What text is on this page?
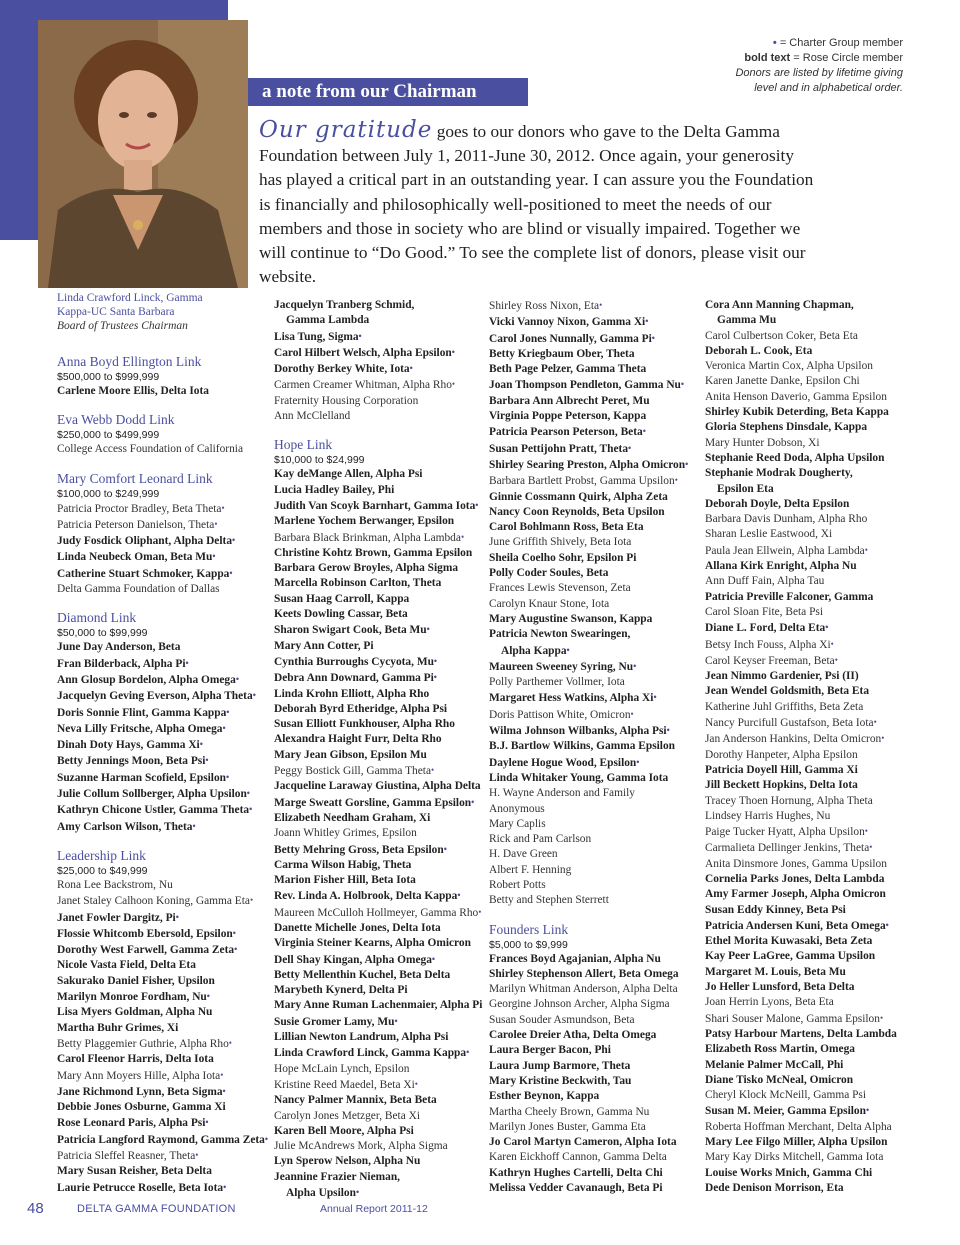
Linda Crawford Linck, Gamma
Kappa-UC Santa Barbara
Board of Trustees Chairman
a note from our Chairman
• = Charter Group member
bold text = Rose Circle member
Donors are listed by lifetime giving
level and in alphabetical order.
Our gratitude goes to our donors who gave to the Delta Gamma Foundation between July 1, 2011-June 30, 2012. Once again, your generosity has played a critical part in an outstanding year. I can assure you the Foundation is financially and philosophically well-positioned to meet the needs of our members and those in society who are blind or visually impaired. Together we will continue to “Do Good.” To see the complete list of donors, please visit our website.
Anna Boyd Ellington Link
$500,000 to $999,999
Carlene Moore Ellis, Delta Iota
Eva Webb Dodd Link
$250,000 to $499,999
College Access Foundation of California
Mary Comfort Leonard Link
$100,000 to $249,999
Patricia Proctor Bradley, Beta Theta•
Patricia Peterson Danielson, Theta•
Judy Fosdick Oliphant, Alpha Delta•
Linda Neubeck Oman, Beta Mu•
Catherine Stuart Schmoker, Kappa•
Delta Gamma Foundation of Dallas
Diamond Link
$50,000 to $99,999
June Day Anderson, Beta
Fran Bilderback, Alpha Pi•
Ann Glosup Bordelon, Alpha Omega•
Jacquelyn Geving Everson, Alpha Theta•
Doris Sonnie Flint, Gamma Kappa•
Neva Lilly Fritsche, Alpha Omega•
Dinah Doty Hays, Gamma Xi•
Betty Jennings Moon, Beta Psi•
Suzanne Harman Scofield, Epsilon•
Julie Collum Sollberger, Alpha Upsilon•
Kathryn Chicone Ustler, Gamma Theta•
Amy Carlson Wilson, Theta•
Leadership Link
$25,000 to $49,999
Rona Lee Backstrom, Nu
Janet Staley Calhoon Koning, Gamma Eta•
Janet Fowler Dargitz, Pi•
Flossie Whitcomb Ebersold, Epsilon•
Dorothy West Farwell, Gamma Zeta•
Nicole Vasta Field, Delta Eta
Sakurako Daniel Fisher, Upsilon
Marilyn Monroe Fordham, Nu•
Lisa Myers Goldman, Alpha Nu
Martha Buhr Grimes, Xi
Betty Plaggemier Guthrie, Alpha Rho•
Carol Fleenor Harris, Delta Iota
Mary Ann Moyers Hille, Alpha Iota•
Jane Richmond Lynn, Beta Sigma•
Debbie Jones Osburne, Gamma Xi
Rose Leonard Paris, Alpha Psi•
Patricia Langford Raymond, Gamma Zeta•
Patricia Sleffel Reasner, Theta•
Mary Susan Reisher, Beta Delta
Laurie Petrucce Roselle, Beta Iota•
Jacquelyn Tranberg Schmid,
Gamma Lambda
Lisa Tung, Sigma•
Carol Hilbert Welsch, Alpha Epsilon•
Dorothy Berkey White, Iota•
Carmen Creamer Whitman, Alpha Rho•
Fraternity Housing Corporation
Ann McClelland
Hope Link
$10,000 to $24,999
Kay deMange Allen, Alpha Psi
Lucia Hadley Bailey, Phi
Judith Van Scoyk Barnhart, Gamma Iota•
Marlene Yochem Berwanger, Epsilon
Barbara Black Brinkman, Alpha Lambda•
Christine Kohtz Brown, Gamma Epsilon
Barbara Gerow Broyles, Alpha Sigma
Marcella Robinson Carlton, Theta
Susan Haag Carroll, Kappa
Keets Dowling Cassar, Beta
Sharon Swigart Cook, Beta Mu•
Mary Ann Cotter, Pi
Cynthia Burroughs Cycyota, Mu•
Debra Ann Downard, Gamma Pi•
Linda Krohn Elliott, Alpha Rho
Deborah Byrd Etheridge, Alpha Psi
Susan Elliott Funkhouser, Alpha Rho
Alexandra Haight Furr, Delta Rho
Mary Jean Gibson, Epsilon Mu
Peggy Bostick Gill, Gamma Theta•
Jacqueline Laraway Giustina, Alpha Delta
Marge Sweatt Gorsline, Gamma Epsilon•
Elizabeth Needham Graham, Xi
Joann Whitley Grimes, Epsilon
Betty Mehring Gross, Beta Epsilon•
Carma Wilson Habig, Theta
Marion Fisher Hill, Beta Iota
Rev. Linda A. Holbrook, Delta Kappa•
Maureen McCulloh Hollmeyer, Gamma Rho•
Danette Michelle Jones, Delta Iota
Virginia Steiner Kearns, Alpha Omicron
Dell Shay Kingan, Alpha Omega•
Betty Mellenthin Kuchel, Beta Delta
Marybeth Kynerd, Delta Pi
Mary Anne Ruman Lachenmaier, Alpha Pi
Susie Gromer Lamy, Mu•
Lillian Newton Landrum, Alpha Psi
Linda Crawford Linck, Gamma Kappa•
Hope McLain Lynch, Epsilon
Kristine Reed Maedel, Beta Xi•
Nancy Palmer Mannix, Beta Beta
Carolyn Jones Metzger, Beta Xi
Karen Bell Moore, Alpha Psi
Julie McAndrews Mork, Alpha Sigma
Lyn Sperow Nelson, Alpha Nu
Jeannine Frazier Nieman,
Alpha Upsilon•
Shirley Ross Nixon, Eta•
Vicki Vannoy Nixon, Gamma Xi•
Carol Jones Nunnally, Gamma Pi•
Betty Kriegbaum Ober, Theta
Beth Page Pelzer, Gamma Theta
Joan Thompson Pendleton, Gamma Nu•
Barbara Ann Albrecht Peret, Mu
Virginia Poppe Peterson, Kappa
Patricia Pearson Peterson, Beta•
Susan Pettijohn Pratt, Theta•
Shirley Searing Preston, Alpha Omicron•
Barbara Bartlett Probst, Gamma Upsilon•
Ginnie Cossmann Quirk, Alpha Zeta
Nancy Coon Reynolds, Beta Upsilon
Carol Bohlmann Ross, Beta Eta
June Griffith Shively, Beta Iota
Sheila Coelho Sohr, Epsilon Pi
Polly Coder Soules, Beta
Frances Lewis Stevenson, Zeta
Carolyn Knaur Stone, Iota
Mary Augustine Swanson, Kappa
Patricia Newton Swearingen,
Alpha Kappa•
Maureen Sweeney Syring, Nu•
Polly Parthemer Vollmer, Iota
Margaret Hess Watkins, Alpha Xi•
Doris Pattison White, Omicron•
Wilma Johnson Wilbanks, Alpha Psi•
B.J. Bartlow Wilkins, Gamma Epsilon
Daylene Hogue Wood, Epsilon•
Linda Whitaker Young, Gamma Iota
H. Wayne Anderson and Family
Anonymous
Mary Caplis
Rick and Pam Carlson
H. Dave Green
Albert F. Henning
Robert Potts
Betty and Stephen Sterrett
Founders Link
$5,000 to $9,999
Frances Boyd Agajanian, Alpha Nu
Shirley Stephenson Allert, Beta Omega
Marilyn Whitman Anderson, Alpha Delta
Georgine Johnson Archer, Alpha Sigma
Susan Souder Asmundson, Beta
Carolee Dreier Atha, Delta Omega
Laura Berger Bacon, Phi
Laura Jump Barmore, Theta
Mary Kristine Beckwith, Tau
Esther Beynon, Kappa
Martha Cheely Brown, Gamma Nu
Marilyn Jones Buster, Gamma Eta
Jo Carol Martyn Cameron, Alpha Iota
Karen Eickhoff Cannon, Gamma Delta
Kathryn Hughes Cartelli, Delta Chi
Melissa Vedder Cavanaugh, Beta Pi
Cora Ann Manning Chapman,
Gamma Mu
Carol Culbertson Coker, Beta Eta
Deborah L. Cook, Eta
Veronica Martin Cox, Alpha Upsilon
Karen Janette Danke, Epsilon Chi
Anita Henson Daverio, Gamma Epsilon
Shirley Kubik Deterding, Beta Kappa
Gloria Stephens Dinsdale, Kappa
Mary Hunter Dobson, Xi
Stephanie Reed Doda, Alpha Upsilon
Stephanie Modrak Dougherty,
Epsilon Eta
Deborah Doyle, Delta Epsilon
Barbara Davis Dunham, Alpha Rho
Sharan Leslie Eastwood, Xi
Paula Jean Ellwein, Alpha Lambda•
Allana Kirk Enright, Alpha Nu
Ann Duff Fain, Alpha Tau
Patricia Preville Falconer, Gamma
Carol Sloan Fite, Beta Psi
Diane L. Ford, Delta Eta•
Betsy Inch Fouss, Alpha Xi•
Carol Keyser Freeman, Beta•
Jean Nimmo Gardenier, Psi (II)
Jean Wendel Goldsmith, Beta Eta
Katherine Juhl Griffiths, Beta Zeta
Nancy Purcifull Gustafson, Beta Iota•
Jan Anderson Hankins, Delta Omicron•
Dorothy Hanpeter, Alpha Epsilon
Patricia Doyell Hill, Gamma Xi
Jill Beckett Hopkins, Delta Iota
Tracey Thoen Hornung, Alpha Theta
Lindsey Harris Hughes, Nu
Paige Tucker Hyatt, Alpha Upsilon•
Carmalieta Dellinger Jenkins, Theta•
Anita Dinsmore Jones, Gamma Upsilon
Cornelia Parks Jones, Delta Lambda
Amy Farmer Joseph, Alpha Omicron
Susan Eddy Kinney, Beta Psi
Patricia Andersen Kuni, Beta Omega•
Ethel Morita Kuwasaki, Beta Zeta
Kay Peer LaGree, Gamma Upsilon
Margaret M. Louis, Beta Mu
Jo Heller Lunsford, Beta Delta
Joan Herrin Lyons, Beta Eta
Shari Souser Malone, Gamma Epsilon•
Patsy Harbour Martens, Delta Lambda
Elizabeth Ross Martin, Omega
Melanie Palmer McCall, Phi
Diane Tisko McNeal, Omicron
Cheryl Klock McNeill, Gamma Psi
Susan M. Meier, Gamma Epsilon•
Roberta Hoffman Merchant, Delta Alpha
Mary Lee Filgo Miller, Alpha Upsilon
Mary Kay Dirks Mitchell, Gamma Iota
Louise Works Mnich, Gamma Chi
Dede Denison Morrison, Eta
48	DELTA GAMMA FOUNDATION	Annual Report 2011-12
